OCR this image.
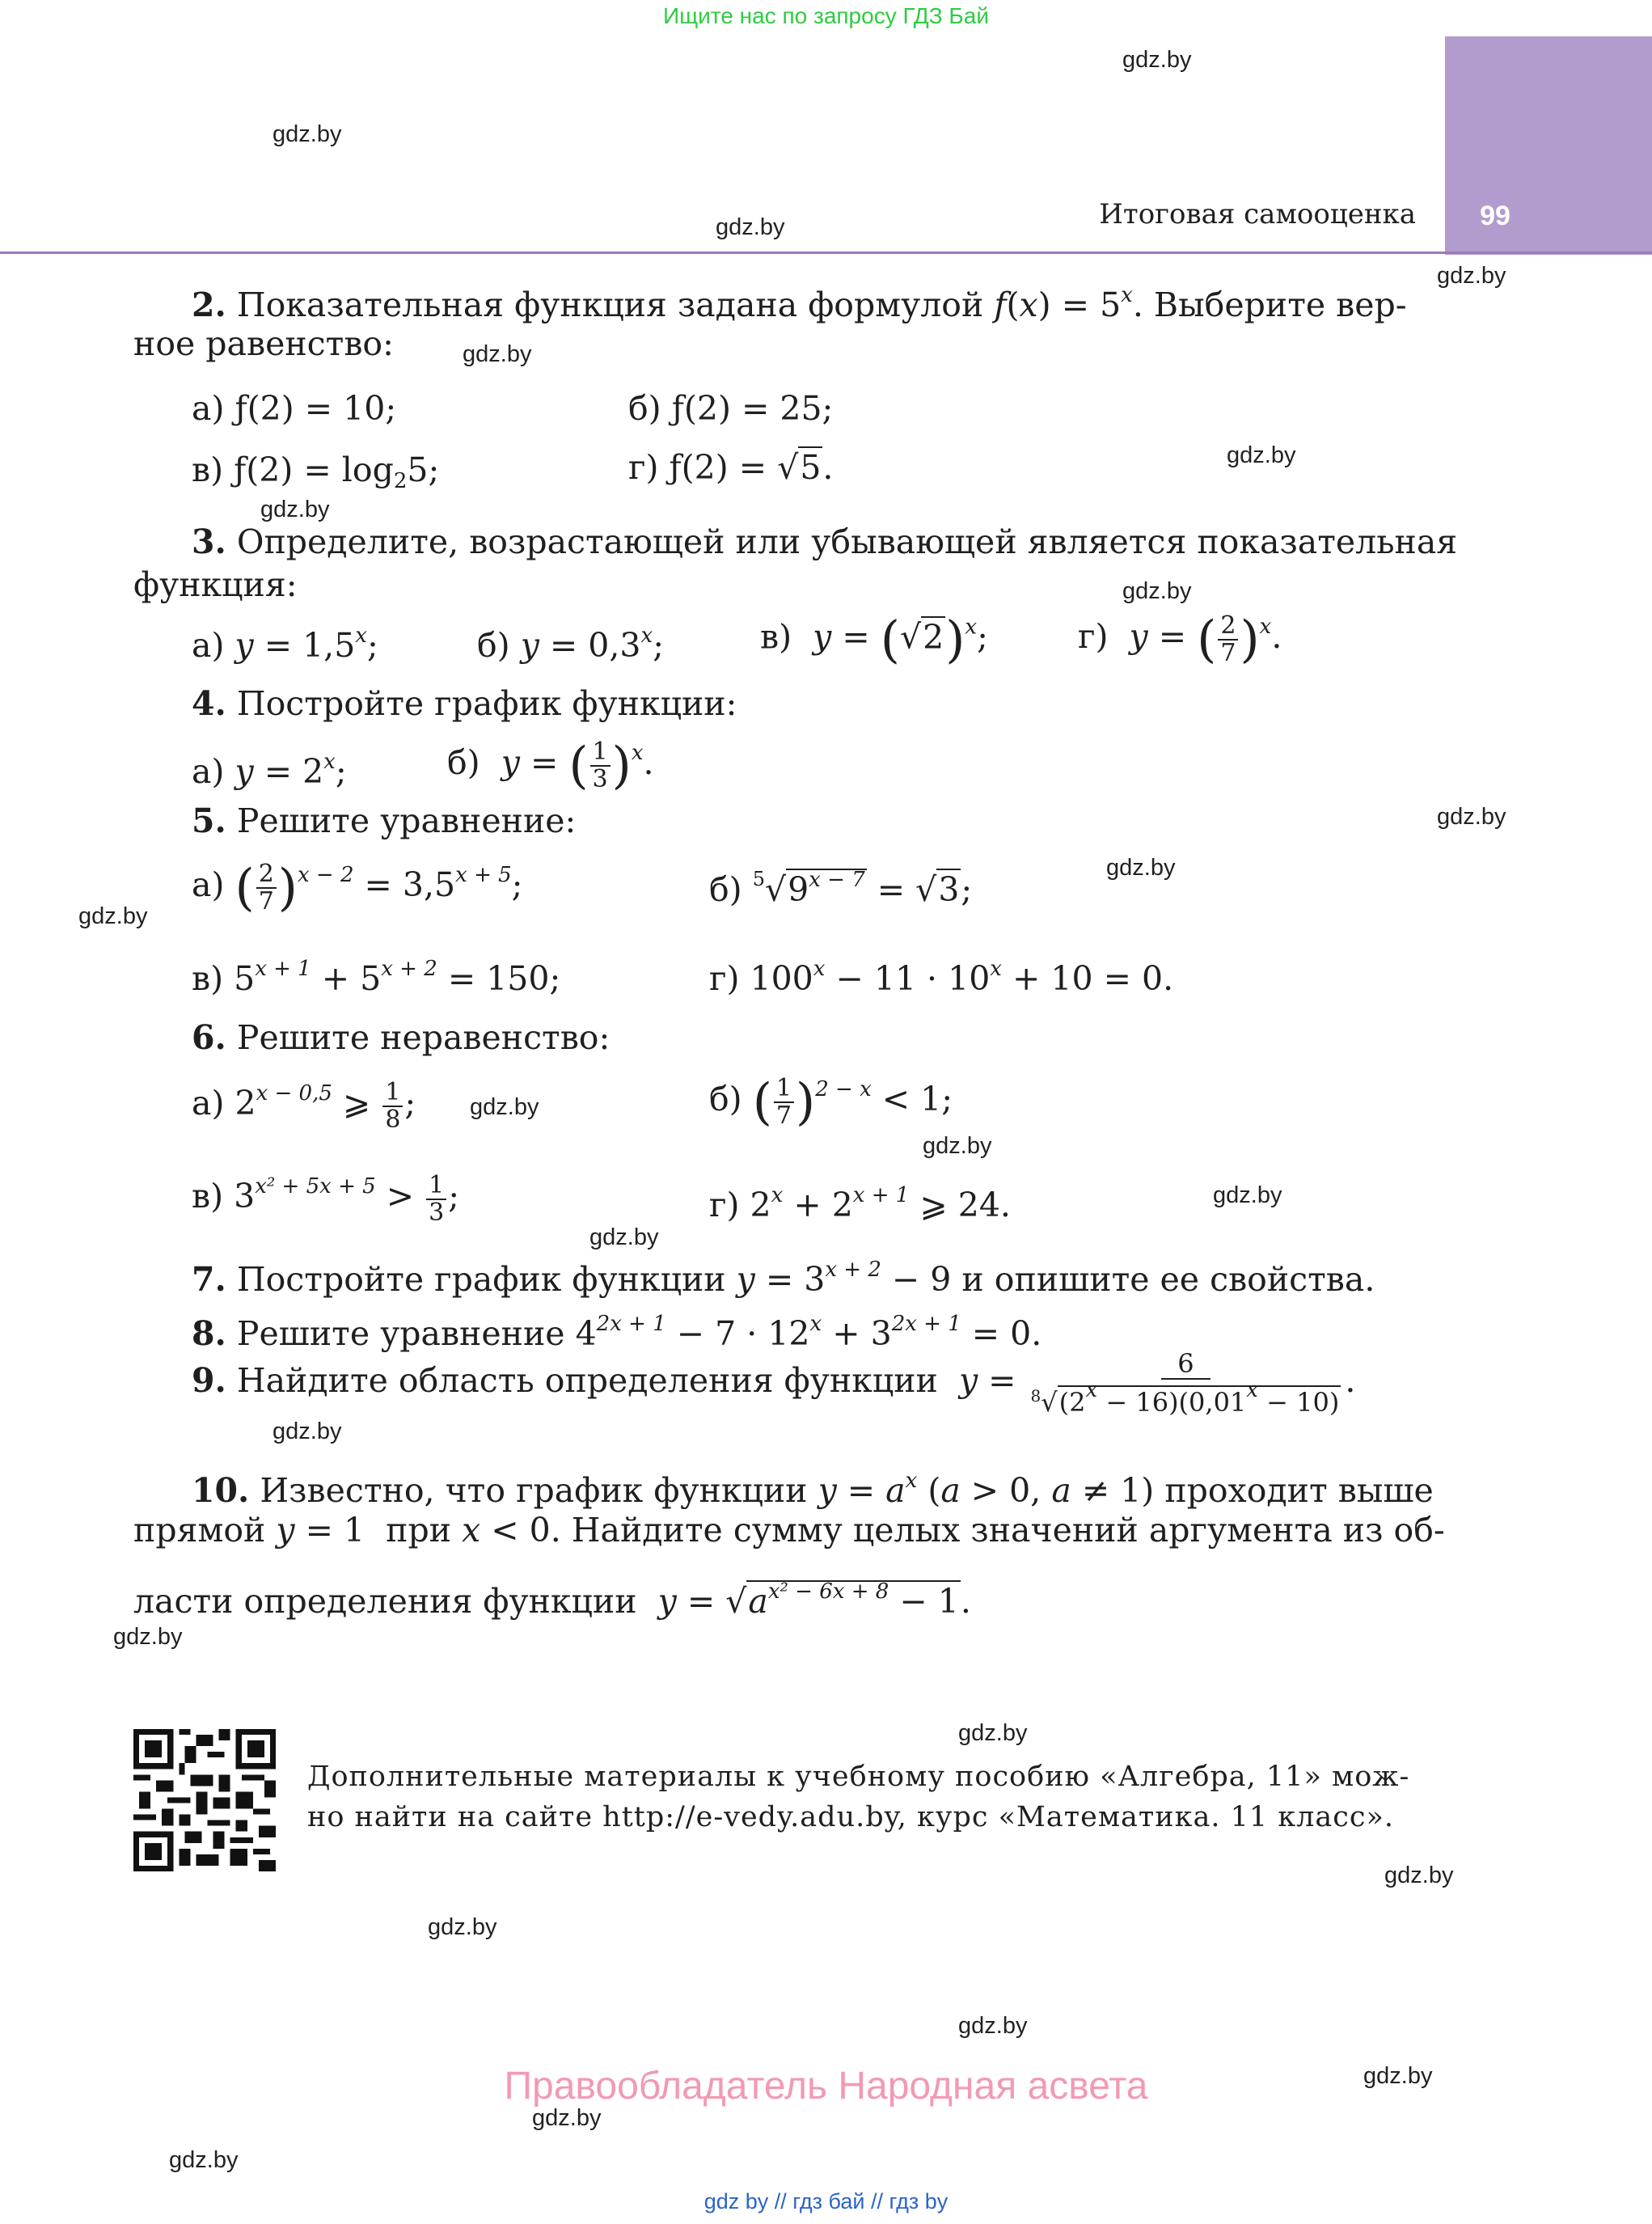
Ищите нас по запросу ГДЗ Бай
99
Итоговая самооценка
gdz.by
gdz.by
gdz.by
gdz.by
gdz.by
gdz.by
gdz.by
gdz.by
gdz.by
gdz.by
gdz.by
gdz.by
gdz.by
gdz.by
gdz.by
gdz.by
gdz.by
gdz.by
gdz.by
gdz.by
gdz.by
gdz.by
gdz.by
gdz.by
2. Показательная функция задана формулой $f(x) = 5^x$. Выберите вер-
ное равенство:
а) ƒ(2) = 10;	б) ƒ(2) = 25;
в) ƒ(2) = log25;	г) ƒ(2) = √5.
3. Определите, возрастающей или убывающей является показательная
функция:
а) $y = 1,5^x$;	б) $y = 0,3^x$;	в)  $y = (√2)^x$;	г)  y = ( $\frac{2}{7} )^x$.
4. Постройте график функции:
а) $y = 2^x$;	б)  y = ( $\frac{1}{3} )^x$.
5. Решите уравнение:
а) ( $\frac{2}{7} )^{x - 2} = 3,5^{x + 5}$;	б) $^5√9^{x - 7} = √3$;
в) $5^{x + 1} + 5^{x + 2} = 150$;	г) $100^x - 11 \cdot 10^x + 10 = 0$.
6. Решите неравенство:
а) $2^{x - 0,5}$ ⩾ $\frac{1}{8}$ ;	б) ( $\frac{1}{7} )^{2 - x} < 1$;
в) $3^{x^2 + 5x + 5} > \frac{1}{3}$ ;	г) $2^x + 2^{x + 1}$ ⩾ 24.
7. Постройте график функции $y = 3^{x + 2} - 9$ и опишите ее свойства.
8. Решите уравнение $4^{2x + 1} - 7 \cdot 12^x + 3^{2x + 1} = 0$.
9. Найдите область определения функции $y = \frac{6}{^8√(2^x - 16)(0,01^x - 10)}$ .
10. Известно, что график функции $y = a^x$ (a > 0, a ≠ 1) проходит выше
прямой y = 1  при x < 0. Найдите сумму целых значений аргумента из об-
ласти определения функции $y = √a^{x^2 - 6x + 8} - 1$.
Дополнительные материалы к учебному пособию «Алгебра, 11» мож-
но найти на сайте http://e-vedy.adu.by, курс «Математика. 11 класс».
Правообладатель Народная асвета
gdz by // гдз бай // гдз by
